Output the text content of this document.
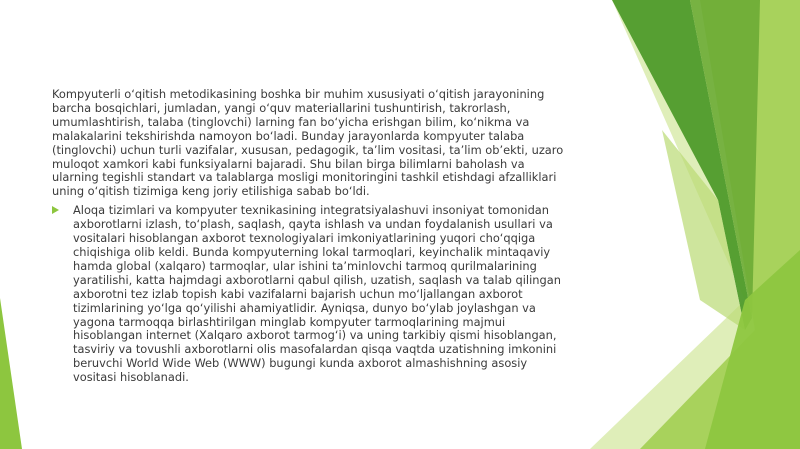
Kompyuterli o‘qitish metodikasining boshka bir muhim xususiyati o‘qitish jarayonining barcha bosqichlari, jumladan, yangi o‘quv materiallarini tushuntirish, takrorlash, umumlashtirish, talaba (tinglovchi) larning fan bo‘yicha erishgan bilim, ko‘nikma va malakalarini tekshirishda namoyon bo‘ladi. Bunday jarayonlarda kompyuter talaba (tinglovchi) uchun turli vazifalar, xususan, pedagogik, ta’lim vositasi, ta’lim ob’ekti, uzaro muloqot xamkori kabi funksiyalarni bajaradi. Shu bilan birga bilimlarni baholash va ularning tegishli standart va talablarga mosligi monitoringini tashkil etishdagi afzalliklari uning o‘qitish tizimiga keng joriy etilishiga sabab bo‘ldi.

Aloqa tizimlari va kompyuter texnikasining integratsiyalashuvi insoniyat tomonidan axborotlarni izlash, to‘plash, saqlash, qayta ishlash va undan foydalanish usullari va vositalari hisoblangan axborot texnologiyalari imkoniyatlarining yuqori cho‘qqiga chiqishiga olib keldi. Bunda kompyuterning lokal tarmoqlari, keyinchalik mintaqaviy hamda global (xalqaro) tarmoqlar, ular ishini ta’minlovchi tarmoq qurilmalarining yaratilishi, katta hajmdagi axborotlarni qabul qilish, uzatish, saqlash va talab qilingan axborotni tez izlab topish kabi vazifalarni bajarish uchun mo‘ljallangan axborot tizimlarining yo‘lga qo‘yilishi ahamiyatlidir. Ayniqsa, dunyo bo‘ylab joylashgan va yagona tarmoqqa birlashtirilgan minglab kompyuter tarmoqlarining majmui hisoblangan internet (Xalqaro axborot tarmog‘i) va uning tarkibiy qismi hisoblangan, tasviriy va tovushli axborotlarni olis masofalardan qisqa vaqtda uzatishning imkonini beruvchi World Wide Web (WWW) bugungi kunda axborot almashishning asosiy vositasi hisoblanadi.
